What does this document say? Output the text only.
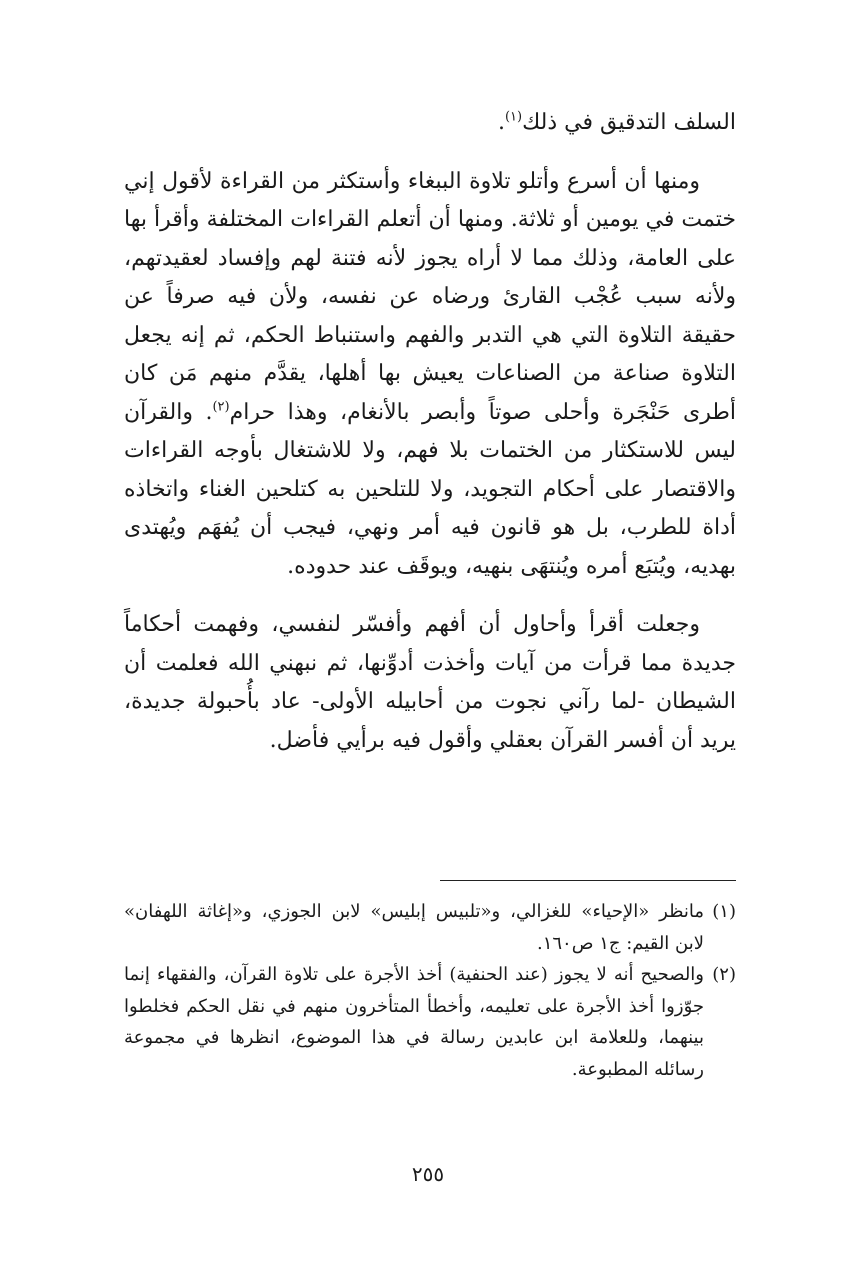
السلف التدقيق في ذلك$^{(١)}$.

ومنها أن أسرع وأتلو تلاوة الببغاء وأستكثر من القراءة لأقول إني ختمت في يومين أو ثلاثة. ومنها أن أتعلم القراءات المختلفة وأقرأ بها على العامة، وذلك مما لا أراه يجوز لأنه فتنة لهم وإفساد لعقيدتهم، ولأنه سبب عُجْب القارئ ورضاه عن نفسه، ولأن فيه صرفاً عن حقيقة التلاوة التي هي التدبر والفهم واستنباط الحكم، ثم إنه يجعل التلاوة صناعة من الصناعات يعيش بها أهلها، يقدَّم منهم مَن كان أطرى حَنْجَرة وأحلى صوتاً وأبصر بالأنغام، وهذا حرام$^{(٢)}$. والقرآن ليس للاستكثار من الختمات بلا فهم، ولا للاشتغال بأوجه القراءات والاقتصار على أحكام التجويد، ولا للتلحين به كتلحين الغناء واتخاذه أداة للطرب، بل هو قانون فيه أمر ونهي، فيجب أن يُفهَم ويُهتدى بهديه، ويُتبَع أمره ويُنتهَى بنهيه، ويوقَف عند حدوده.

وجعلت أقرأ وأحاول أن أفهم وأفسّر لنفسي، وفهمت أحكاماً جديدة مما قرأت من آيات وأخذت أدوِّنها، ثم نبهني الله فعلمت أن الشيطان -لما رآني نجوت من أحابيله الأولى- عاد بأُحبولة جديدة، يريد أن أفسر القرآن بعقلي وأقول فيه برأيي فأضل.

(١)
مانظر «الإحياء» للغزالي، و«تلبيس إبليس» لابن الجوزي، و«إغاثة اللهفان» لابن القيم: ج١ ص١٦٠.
(٢)
والصحيح أنه لا يجوز (عند الحنفية) أخذ الأجرة على تلاوة القرآن، والفقهاء إنما جوّزوا أخذ الأجرة على تعليمه، وأخطأ المتأخرون منهم في نقل الحكم فخلطوا بينهما، وللعلامة ابن عابدين رسالة في هذا الموضوع، انظرها في مجموعة رسائله المطبوعة.
٢٥٥
